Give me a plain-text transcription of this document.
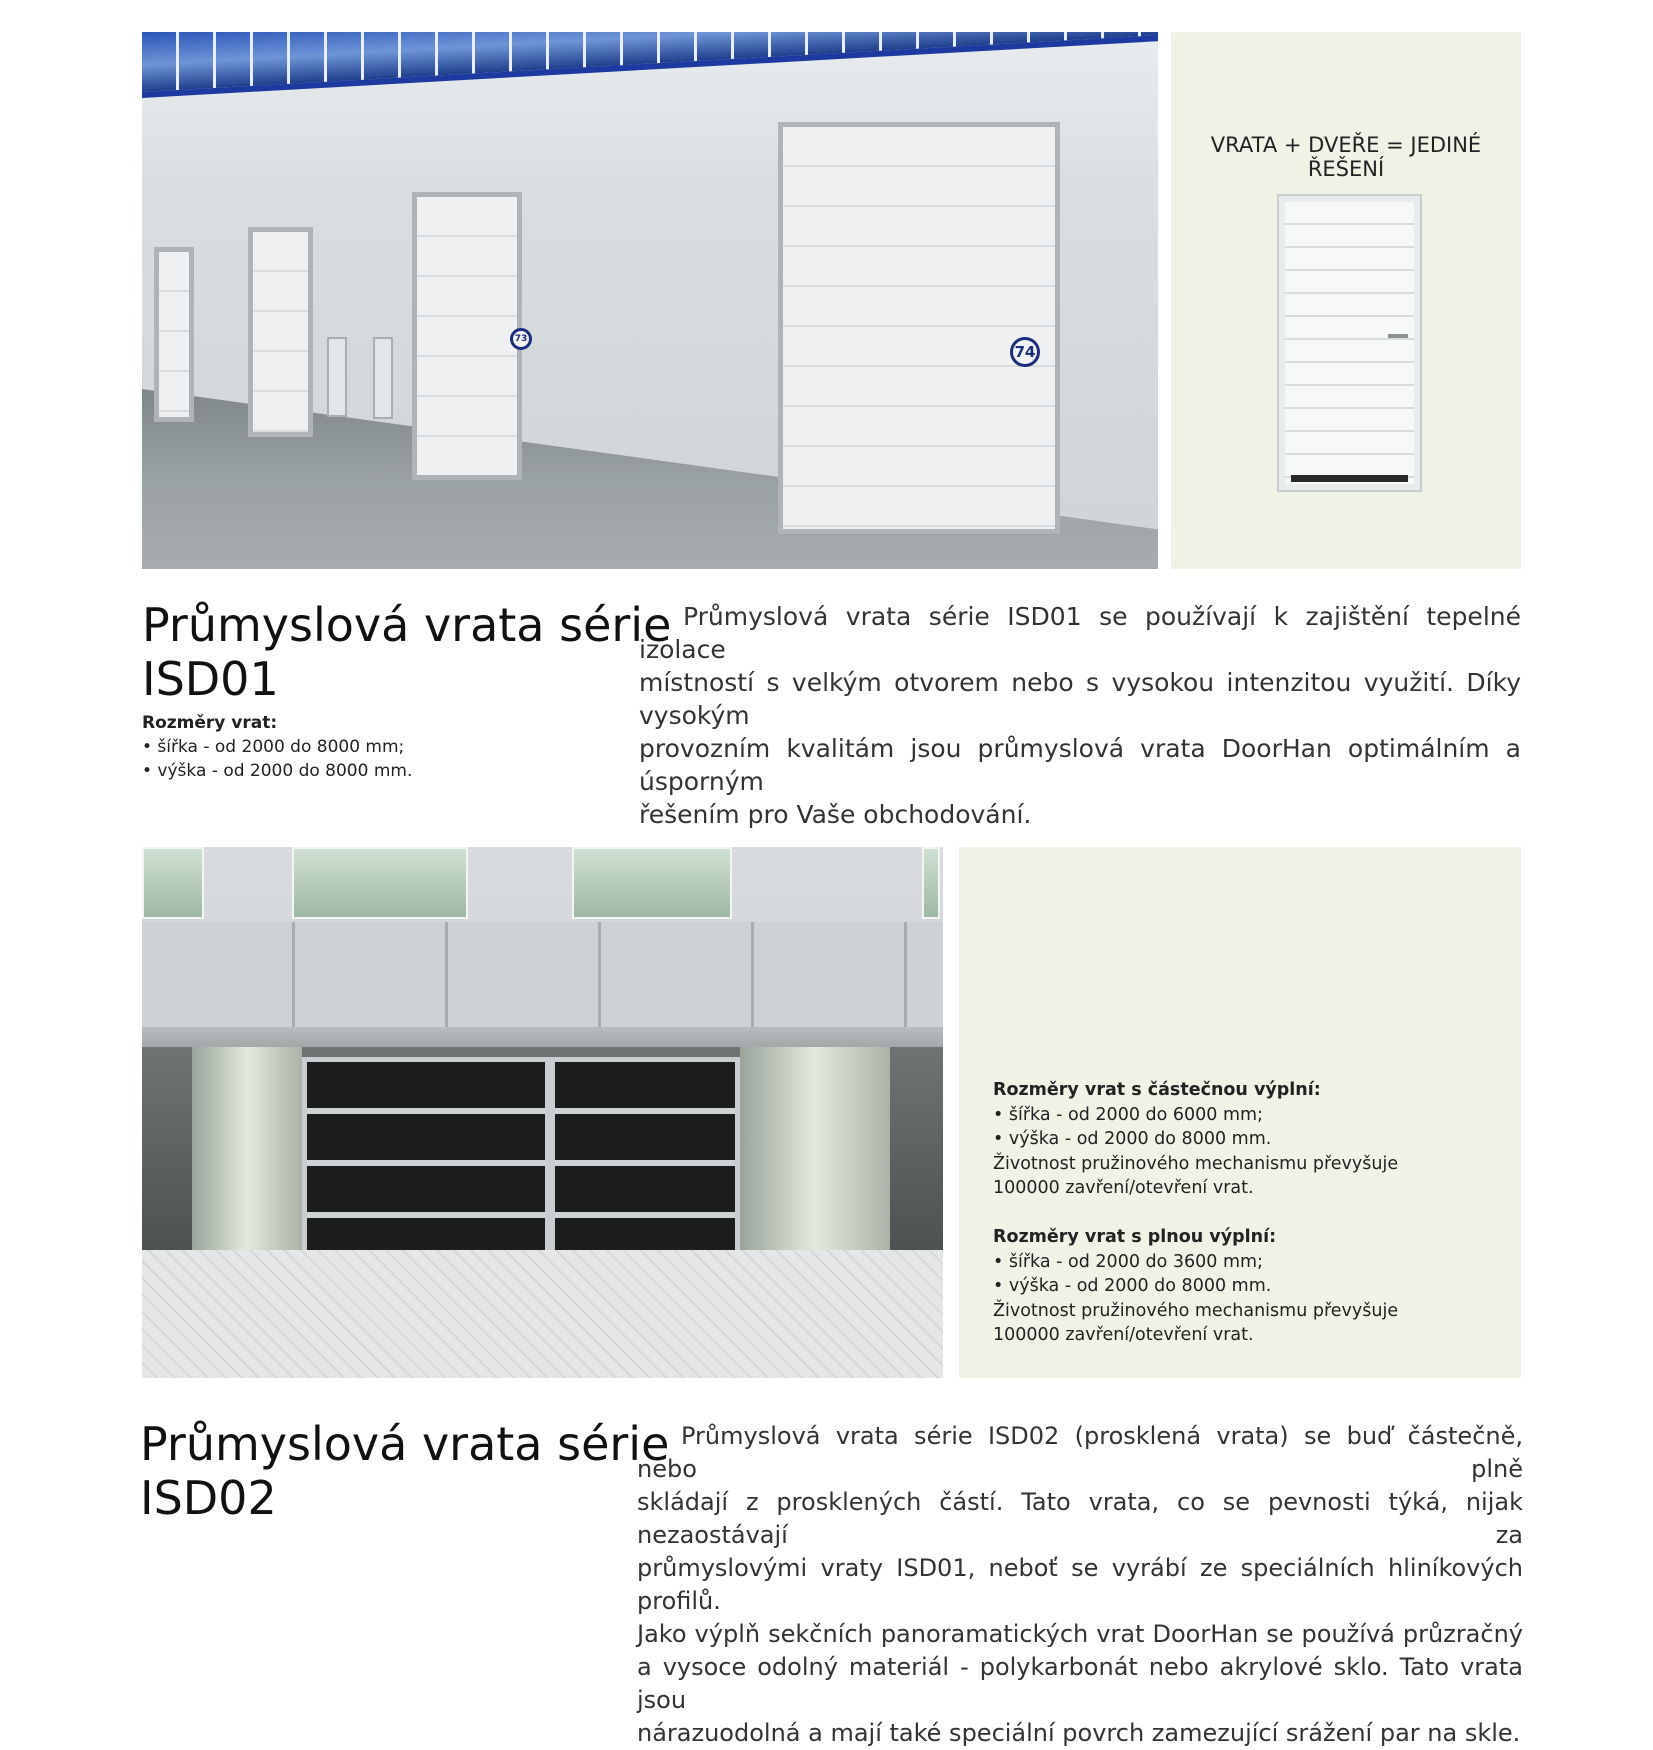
73
74
VRATA + DVEŘE = JEDINÉ ŘEŠENÍ
Průmyslová vrata série
ISD01
Rozměry vrat:
• šířka - od 2000 do 8000 mm;
• výška - od 2000 do 8000 mm.
Průmyslová vrata série ISD01 se používají k zajištění tepelné izolace
místností s velkým otvorem nebo s vysokou intenzitou využití. Díky vysokým
provozním kvalitám jsou průmyslová vrata DoorHan optimálním a úsporným
řešením pro Vaše obchodování.
Rozměry vrat s částečnou výplní:
• šířka - od 2000 do 6000 mm;
• výška - od 2000 do 8000 mm.
Životnost pružinového mechanismu převyšuje
100000 zavření/otevření vrat.
Rozměry vrat s plnou výplní:
• šířka - od 2000 do 3600 mm;
• výška - od 2000 do 8000 mm.
Životnost pružinového mechanismu převyšuje
100000 zavření/otevření vrat.
Průmyslová vrata série
ISD02
Průmyslová vrata série ISD02 (prosklená vrata) se buď částečně, nebo plně
skládají z prosklených částí. Tato vrata, co se pevnosti týká, nijak nezaostávají za
průmyslovými vraty ISD01, neboť se vyrábí ze speciálních hliníkových profilů.
Jako výplň sekčních panoramatických vrat DoorHan se používá průzračný
a vysoce odolný materiál - polykarbonát nebo akrylové sklo. Tato vrata jsou
nárazuodolná a mají také speciální povrch zamezující srážení par na skle.
